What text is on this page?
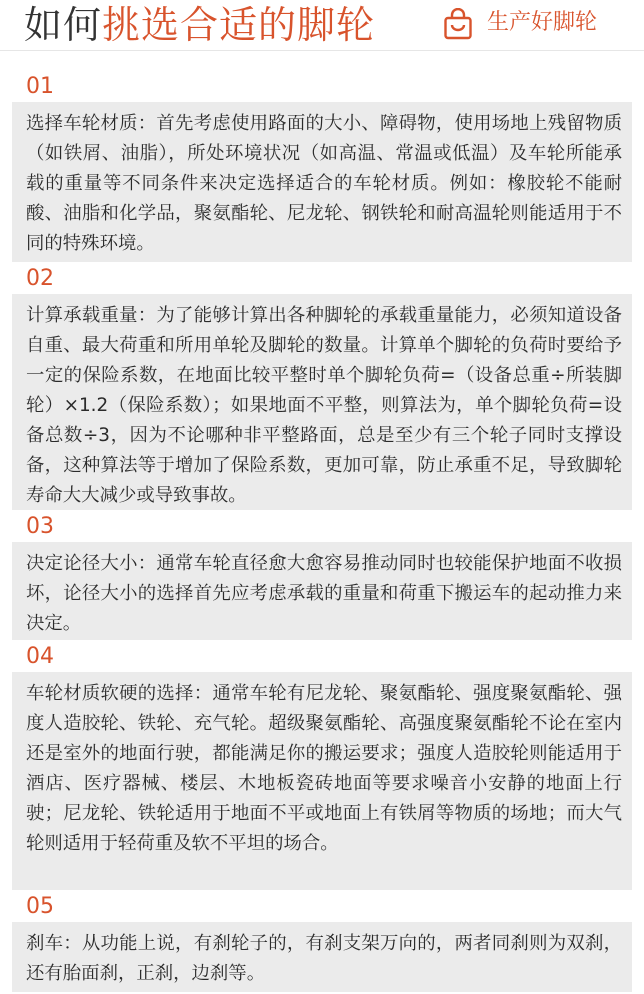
如何挑选合适的脚轮	生产好脚轮
01
选择车轮材质：首先考虑使用路面的大小、障碍物，使用场地上残留物质（如铁屑、油脂），所处环境状况（如高温、常温或低温）及车轮所能承载的重量等不同条件来决定选择适合的车轮材质。例如：橡胶轮不能耐酸、油脂和化学品，聚氨酯轮、尼龙轮、钢铁轮和耐高温轮则能适用于不同的特殊环境。
02
计算承载重量：为了能够计算出各种脚轮的承载重量能力，必须知道设备自重、最大荷重和所用单轮及脚轮的数量。计算单个脚轮的负荷时要给予一定的保险系数，在地面比较平整时单个脚轮负荷=（设备总重÷所装脚轮）×1.2（保险系数）；如果地面不平整，则算法为，单个脚轮负荷=设备总数÷3，因为不论哪种非平整路面，总是至少有三个轮子同时支撑设备，这种算法等于增加了保险系数，更加可靠，防止承重不足，导致脚轮寿命大大减少或导致事故。
03
决定论径大小：通常车轮直径愈大愈容易推动同时也较能保护地面不收损坏，论径大小的选择首先应考虑承载的重量和荷重下搬运车的起动推力来决定。
04
车轮材质软硬的选择：通常车轮有尼龙轮、聚氨酯轮、强度聚氨酯轮、强度人造胶轮、铁轮、充气轮。超级聚氨酯轮、高强度聚氨酯轮不论在室内还是室外的地面行驶，都能满足你的搬运要求；强度人造胶轮则能适用于酒店、医疗器械、楼层、木地板瓷砖地面等要求噪音小安静的地面上行驶；尼龙轮、铁轮适用于地面不平或地面上有铁屑等物质的场地；而大气轮则适用于轻荷重及软不平坦的场合。
05
刹车：从功能上说，有刹轮子的，有刹支架万向的，两者同刹则为双刹，还有胎面刹，正刹，边刹等。
